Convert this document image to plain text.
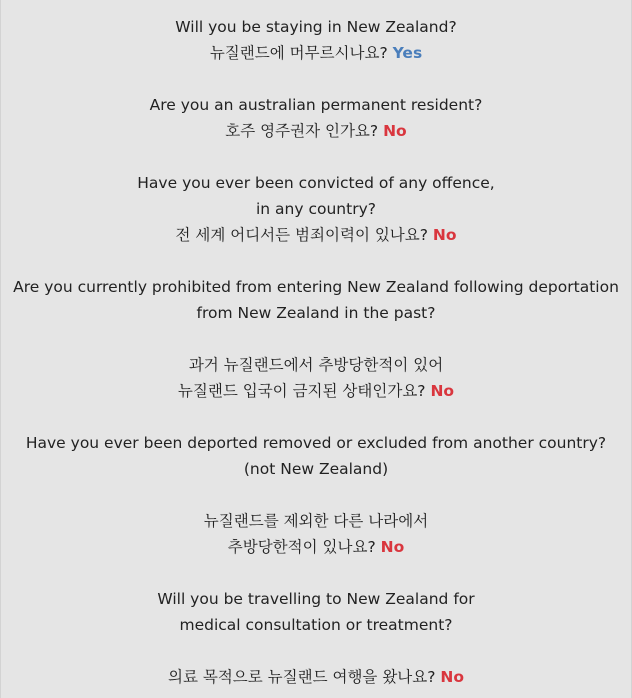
Will you be staying in New Zealand?
뉴질랜드에 머무르시나요? Yes
Are you an australian permanent resident?
호주 영주권자 인가요? No
Have you ever been convicted of any offence,
in any country?
전 세계 어디서든 범죄이력이 있나요? No
Are you currently prohibited from entering New Zealand following deportation
from New Zealand in the past?
과거 뉴질랜드에서 추방당한적이 있어
뉴질랜드 입국이 금지된 상태인가요? No
Have you ever been deported removed or excluded from another country?
(not New Zealand)
뉴질랜드를 제외한 다른 나라에서
추방당한적이 있나요? No
Will you be travelling to New Zealand for
medical consultation or treatment?
의료 목적으로 뉴질랜드 여행을 왔나요? No
